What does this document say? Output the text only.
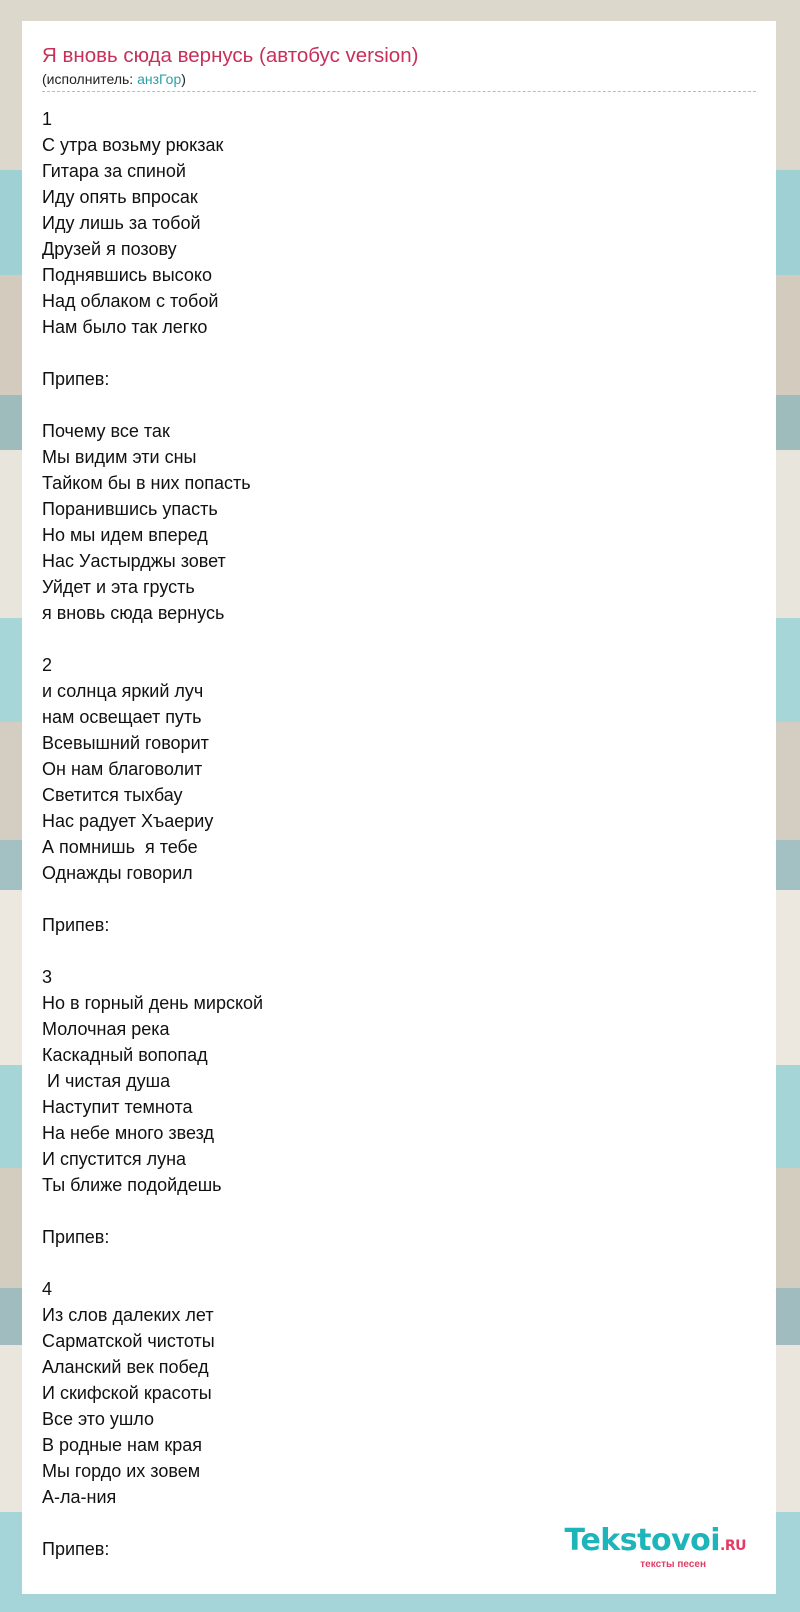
Я вновь сюда вернусь (автобус version)
(исполнитель: анзГор)
1
С утра возьму рюкзак
Гитара за спиной
Иду опять впросак
Иду лишь за тобой
Друзей я позову
Поднявшись высоко
Над облаком с тобой
Нам было так легко
Припев:
Почему все так
Мы видим эти сны
Тайком бы в них попасть
Поранившись упасть
Но мы идем вперед
Нас Уастырджы зовет
Уйдет и эта грусть
я вновь сюда вернусь
2
и солнца яркий луч
нам освещает путь
Всевышний говорит
Он нам благоволит
Светится тыхбау
Нас радует Хъаериу
А помнишь  я тебе
Однажды говорил
Припев:
3
Но в горный день мирской
Молочная река
Каскадный вопопад
И чистая душа
Наступит темнота
На небе много звезд
И спустится луна
Ты ближе подойдешь
Припев:
4
Из слов далеких лет
Сарматской чистоты
Аланский век побед
И скифской красоты
Все это ушло
В родные нам края
Мы гордо их зовем
А-ла-ния
Припев:	Tekstovoi.RU
тексты песен
